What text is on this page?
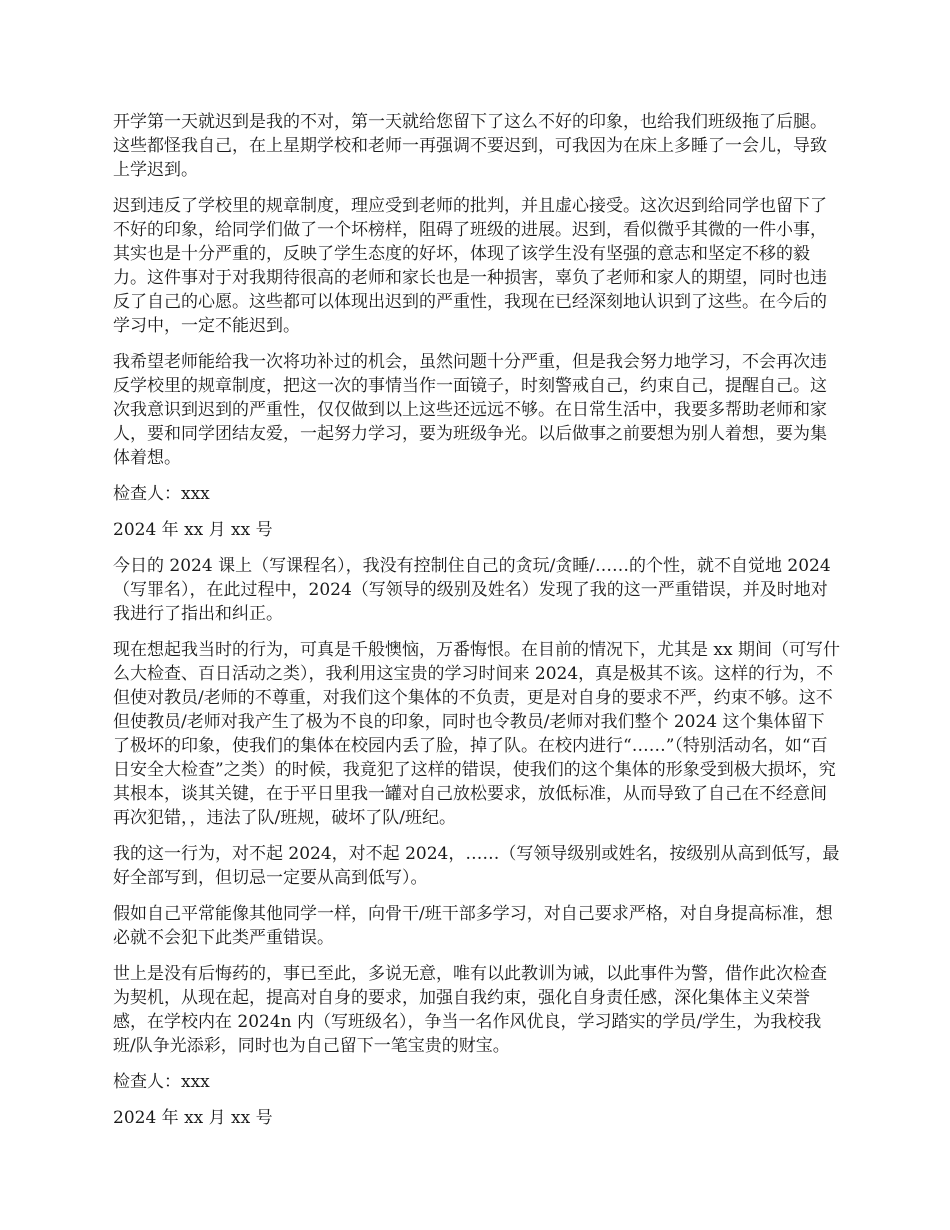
开学第一天就迟到是我的不对，第一天就给您留下了这么不好的印象，也给我们班级拖了后腿。这些都怪我自己，在上星期学校和老师一再强调不要迟到，可我因为在床上多睡了一会儿，导致上学迟到。

迟到违反了学校里的规章制度，理应受到老师的批判，并且虚心接受。这次迟到给同学也留下了不好的印象，给同学们做了一个坏榜样，阻碍了班级的进展。迟到，看似微乎其微的一件小事，其实也是十分严重的，反映了学生态度的好坏，体现了该学生没有坚强的意志和坚定不移的毅力。这件事对于对我期待很高的老师和家长也是一种损害，辜负了老师和家人的期望，同时也违反了自己的心愿。这些都可以体现出迟到的严重性，我现在已经深刻地认识到了这些。在今后的学习中，一定不能迟到。

我希望老师能给我一次将功补过的机会，虽然问题十分严重，但是我会努力地学习，不会再次违反学校里的规章制度，把这一次的事情当作一面镜子，时刻警戒自己，约束自己，提醒自己。这次我意识到迟到的严重性，仅仅做到以上这些还远远不够。在日常生活中，我要多帮助老师和家人，要和同学团结友爱，一起努力学习，要为班级争光。以后做事之前要想为别人着想，要为集体着想。

检查人：xxx

2024 年 xx 月 xx 号

今日的 2024 课上（写课程名），我没有控制住自己的贪玩/贪睡/……的个性，就不自觉地 2024（写罪名），在此过程中，2024（写领导的级别及姓名）发现了我的这一严重错误，并及时地对我进行了指出和纠正。

现在想起我当时的行为，可真是千般懊恼，万番悔恨。在目前的情况下，尤其是 xx 期间（可写什么大检查、百日活动之类），我利用这宝贵的学习时间来 2024，真是极其不该。这样的行为，不但使对教员/老师的不尊重，对我们这个集体的不负责，更是对自身的要求不严，约束不够。这不但使教员/老师对我产生了极为不良的印象，同时也令教员/老师对我们整个 2024 这个集体留下了极坏的印象，使我们的集体在校园内丢了脸，掉了队。在校内进行“……”（特别活动名，如“百日安全大检查”之类）的时候，我竟犯了这样的错误，使我们的这个集体的形象受到极大损坏，究其根本，谈其关键，在于平日里我一罐对自己放松要求，放低标准，从而导致了自己在不经意间再次犯错，，违法了队/班规，破坏了队/班纪。

我的这一行为，对不起 2024，对不起 2024，……（写领导级别或姓名，按级别从高到低写，最好全部写到，但切忌一定要从高到低写）。

假如自己平常能像其他同学一样，向骨干/班干部多学习，对自己要求严格，对自身提高标准，想必就不会犯下此类严重错误。

世上是没有后悔药的，事已至此，多说无意，唯有以此教训为诫，以此事件为警，借作此次检查为契机，从现在起，提高对自身的要求，加强自我约束，强化自身责任感，深化集体主义荣誉感，在学校内在 2024n 内（写班级名），争当一名作风优良，学习踏实的学员/学生，为我校我班/队争光添彩，同时也为自己留下一笔宝贵的财宝。

检查人：xxx

2024 年 xx 月 xx 号
